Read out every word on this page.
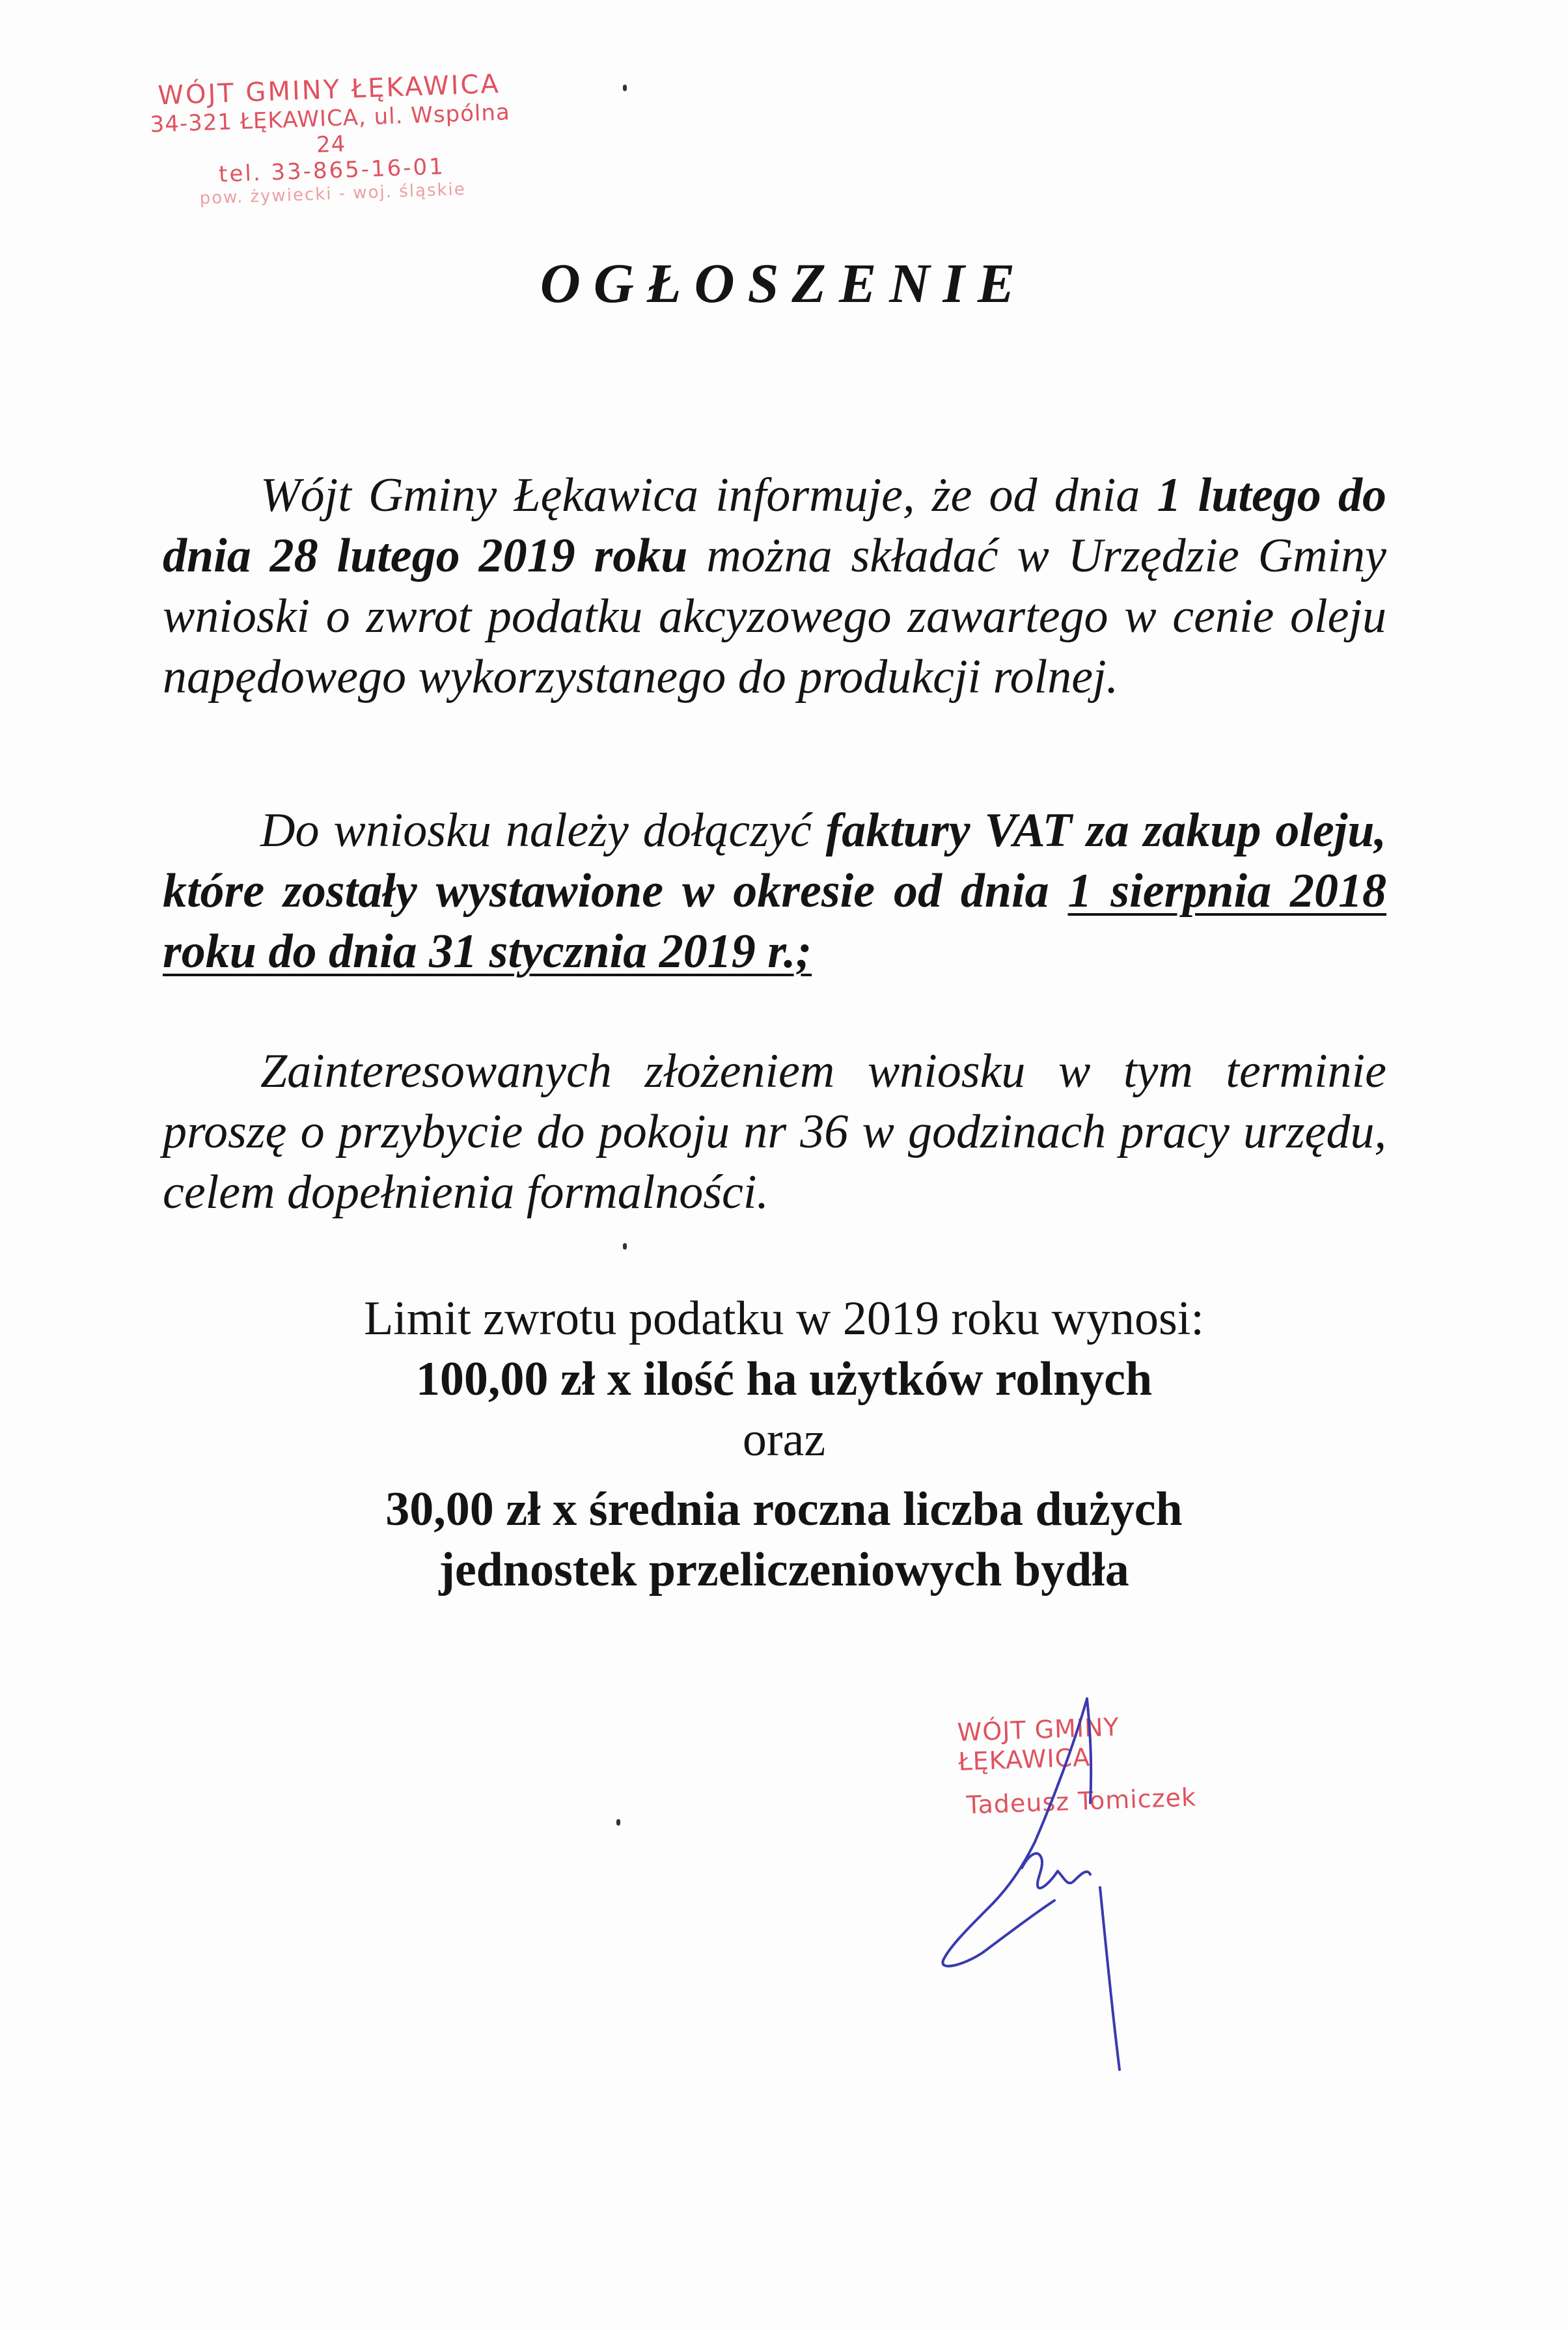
WÓJT GMINY ŁĘKAWICA
34-321 ŁĘKAWICA, ul. Wspólna 24
tel. 33-865-16-01
pow. żywiecki - woj. śląskie
OGŁOSZENIE

Wójt Gminy Łękawica informuje, że od dnia 1 lutego do dnia 28 lutego 2019 roku można składać w Urzędzie Gminy wnioski o zwrot podatku akcyzowego zawartego w cenie oleju napędowego wykorzystanego do produkcji rolnej.

Do wniosku należy dołączyć faktury VAT za zakup oleju, które zostały wystawione w okresie od dnia 1 sierpnia 2018 roku do dnia 31 stycznia 2019 r.;

Zainteresowanych złożeniem wniosku w tym terminie proszę o przybycie do pokoju nr 36 w godzinach pracy urzędu, celem dopełnienia formalności.

Limit zwrotu podatku w 2019 roku wynosi:
100,00 zł x ilość ha użytków rolnych
oraz
30,00 zł x średnia roczna liczba dużych
jednostek przeliczeniowych bydła
WÓJT GMINY ŁĘKAWICA
Tadeusz Tomiczek
